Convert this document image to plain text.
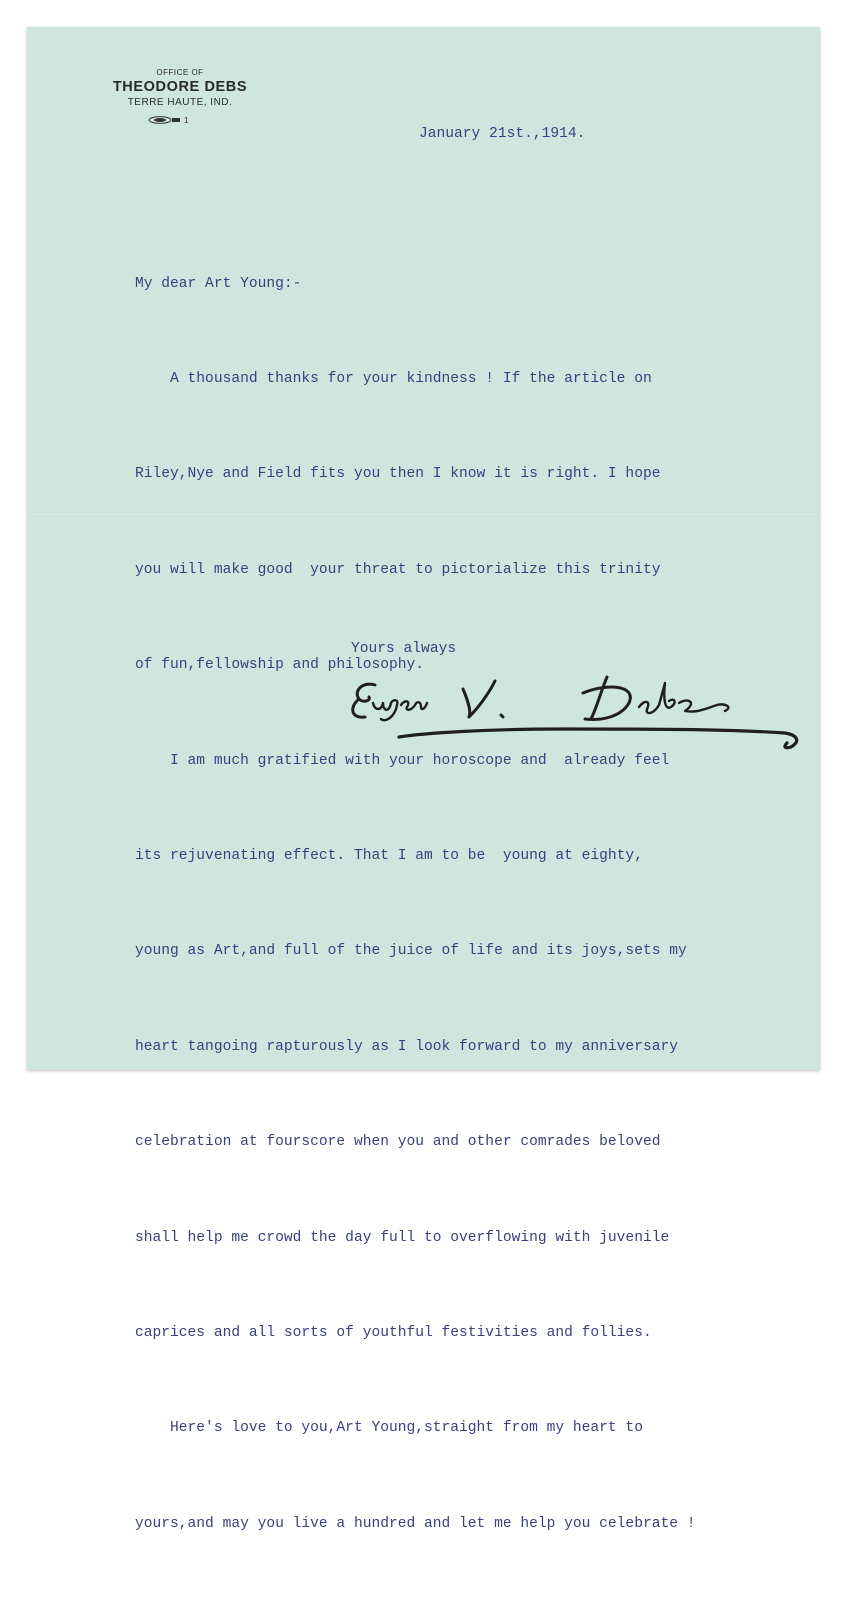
OFFICE OF
THEODORE DEBS
TERRE HAUTE, IND.
1
January 21st.,1914.

My dear Art Young:-

A thousand thanks for your kindness ! If the article on

Riley,Nye and Field fits you then I know it is right. I hope

you will make good  your threat to pictorialize this trinity

of fun,fellowship and philosophy.

I am much gratified with your horoscope and  already feel

its rejuvenating effect. That I am to be  young at eighty,

young as Art,and full of the juice of life and its joys,sets my

heart tangoing rapturously as I look forward to my anniversary

celebration at fourscore when you and other comrades beloved

shall help me crowd the day full to overflowing with juvenile

caprices and all sorts of youthful festivities and follies.

Here's love to you,Art Young,straight from my heart to

yours,and may you live a hundred and let me help you celebrate !

Yours always
